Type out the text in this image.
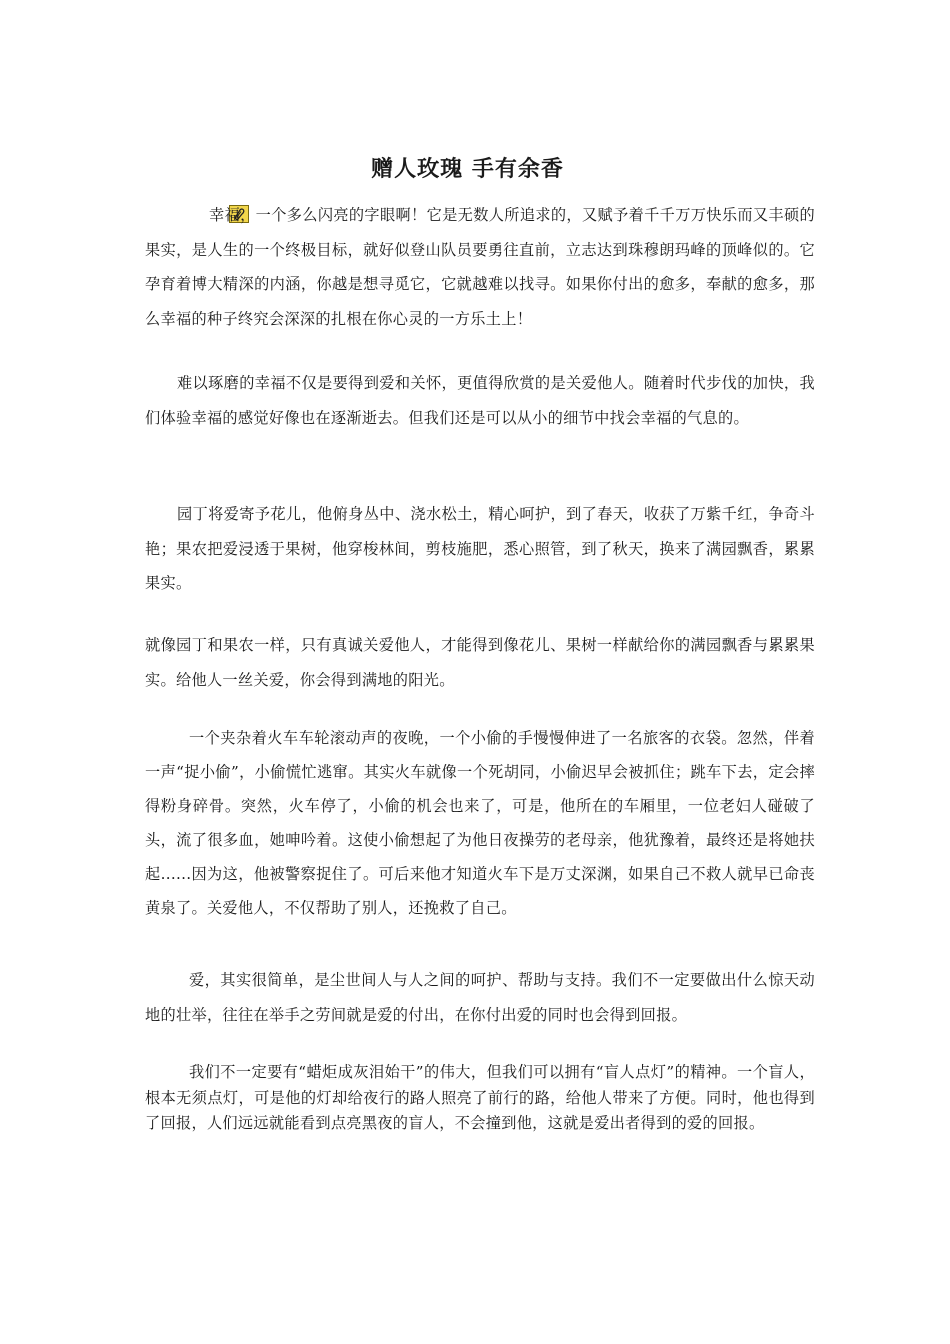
赠人玫瑰 手有余香

幸福，一个多么闪亮的字眼啊！它是无数人所追求的，又赋予着千千万万快乐而又丰硕的果实，是人生的一个终极目标，就好似登山队员要勇往直前，立志达到珠穆朗玛峰的顶峰似的。它孕育着博大精深的内涵，你越是想寻觅它，它就越难以找寻。如果你付出的愈多，奉献的愈多，那么幸福的种子终究会深深的扎根在你心灵的一方乐土上！

难以琢磨的幸福不仅是要得到爱和关怀，更值得欣赏的是关爱他人。随着时代步伐的加快，我们体验幸福的感觉好像也在逐渐逝去。但我们还是可以从小的细节中找会幸福的气息的。

园丁将爱寄予花儿，他俯身丛中、浇水松土，精心呵护，到了春天，收获了万紫千红，争奇斗艳；果农把爱浸透于果树，他穿梭林间，剪枝施肥，悉心照管，到了秋天，换来了满园飘香，累累果实。

就像园丁和果农一样，只有真诚关爱他人，才能得到像花儿、果树一样献给你的满园飘香与累累果实。给他人一丝关爱，你会得到满地的阳光。

一个夹杂着火车车轮滚动声的夜晚，一个小偷的手慢慢伸进了一名旅客的衣袋。忽然，伴着一声“捉小偷”，小偷慌忙逃窜。其实火车就像一个死胡同，小偷迟早会被抓住；跳车下去，定会摔得粉身碎骨。突然，火车停了，小偷的机会也来了，可是，他所在的车厢里，一位老妇人碰破了头，流了很多血，她呻吟着。这使小偷想起了为他日夜操劳的老母亲，他犹豫着，最终还是将她扶起......因为这，他被警察捉住了。可后来他才知道火车下是万丈深渊，如果自己不救人就早已命丧黄泉了。关爱他人，不仅帮助了别人，还挽救了自己。

爱，其实很简单，是尘世间人与人之间的呵护、帮助与支持。我们不一定要做出什么惊天动地的壮举，往往在举手之劳间就是爱的付出，在你付出爱的同时也会得到回报。

我们不一定要有“蜡炬成灰泪始干”的伟大，但我们可以拥有“盲人点灯”的精神。一个盲人，根本无须点灯，可是他的灯却给夜行的路人照亮了前行的路，给他人带来了方便。同时，他也得到了回报，人们远远就能看到点亮黑夜的盲人，不会撞到他，这就是爱出者得到的爱的回报。
